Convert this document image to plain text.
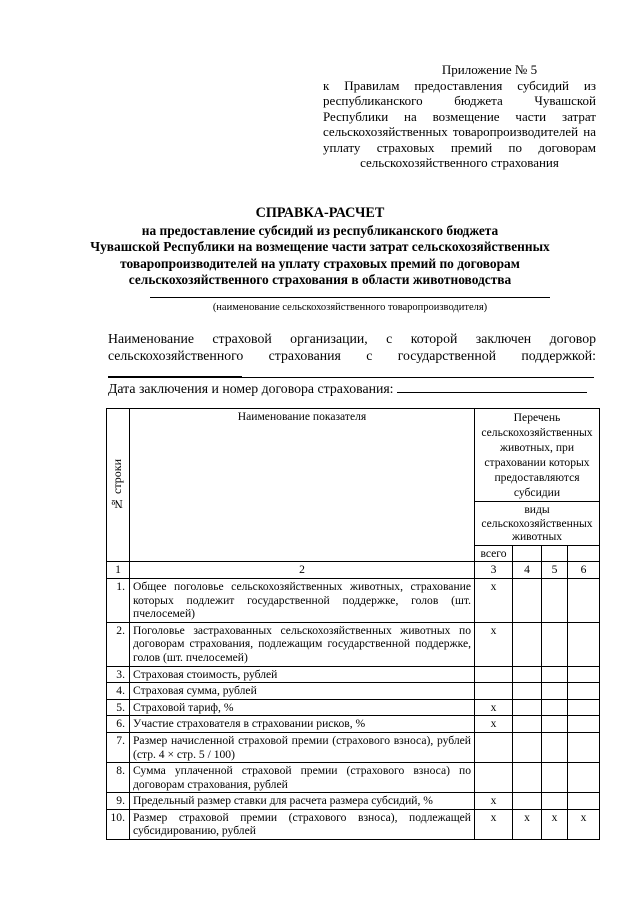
Приложение № 5
к Правилам предоставления субсидий из республиканского бюджета Чувашской Республики на возмещение части затрат сельскохозяйственных товаропроизводителей на уплату страховых премий по договорам сельскохозяйственного страхования
СПРАВКА-РАСЧЕТ
на предоставление субсидий из республиканского бюджета
Чувашской Республики на возмещение части затрат сельскохозяйственных
товаропроизводителей на уплату страховых премий по договорам
сельскохозяйственного страхования в области животноводства
(наименование сельскохозяйственного товаропроизводителя)
Наименование страховой организации, с которой заключен договор сельскохозяйственного страхования с государственной поддержкой:
Дата заключения и номер договора страхования:
№ строки	Наименование показателя	Перечень сельскохозяйственных животных, при страховании которых предоставляются субсидии			
		виды сельскохозяйственных животных			
		всего			
1	2	3	4	5	6
1.	Общее поголовье сельскохозяйственных животных, страхование которых подлежит государственной поддержке, голов (шт. пчелосемей)	х			
2.	Поголовье застрахованных сельскохозяйственных животных по договорам страхования, подлежащим государственной поддержке, голов (шт. пчелосемей)	х			
3.	Страховая стоимость, рублей				
4.	Страховая сумма, рублей				
5.	Страховой тариф, %	х			
6.	Участие страхователя в страховании рисков, %	х			
7.	Размер начисленной страховой премии (страхового взноса), рублей (стр. 4 × стр. 5 / 100)				
8.	Сумма уплаченной страховой премии (страхового взноса) по договорам страхования, рублей				
9.	Предельный размер ставки для расчета размера субсидий, %	х			
10.	Размер страховой премии (страхового взноса), подлежащей субсидированию, рублей	х	х	х	х
